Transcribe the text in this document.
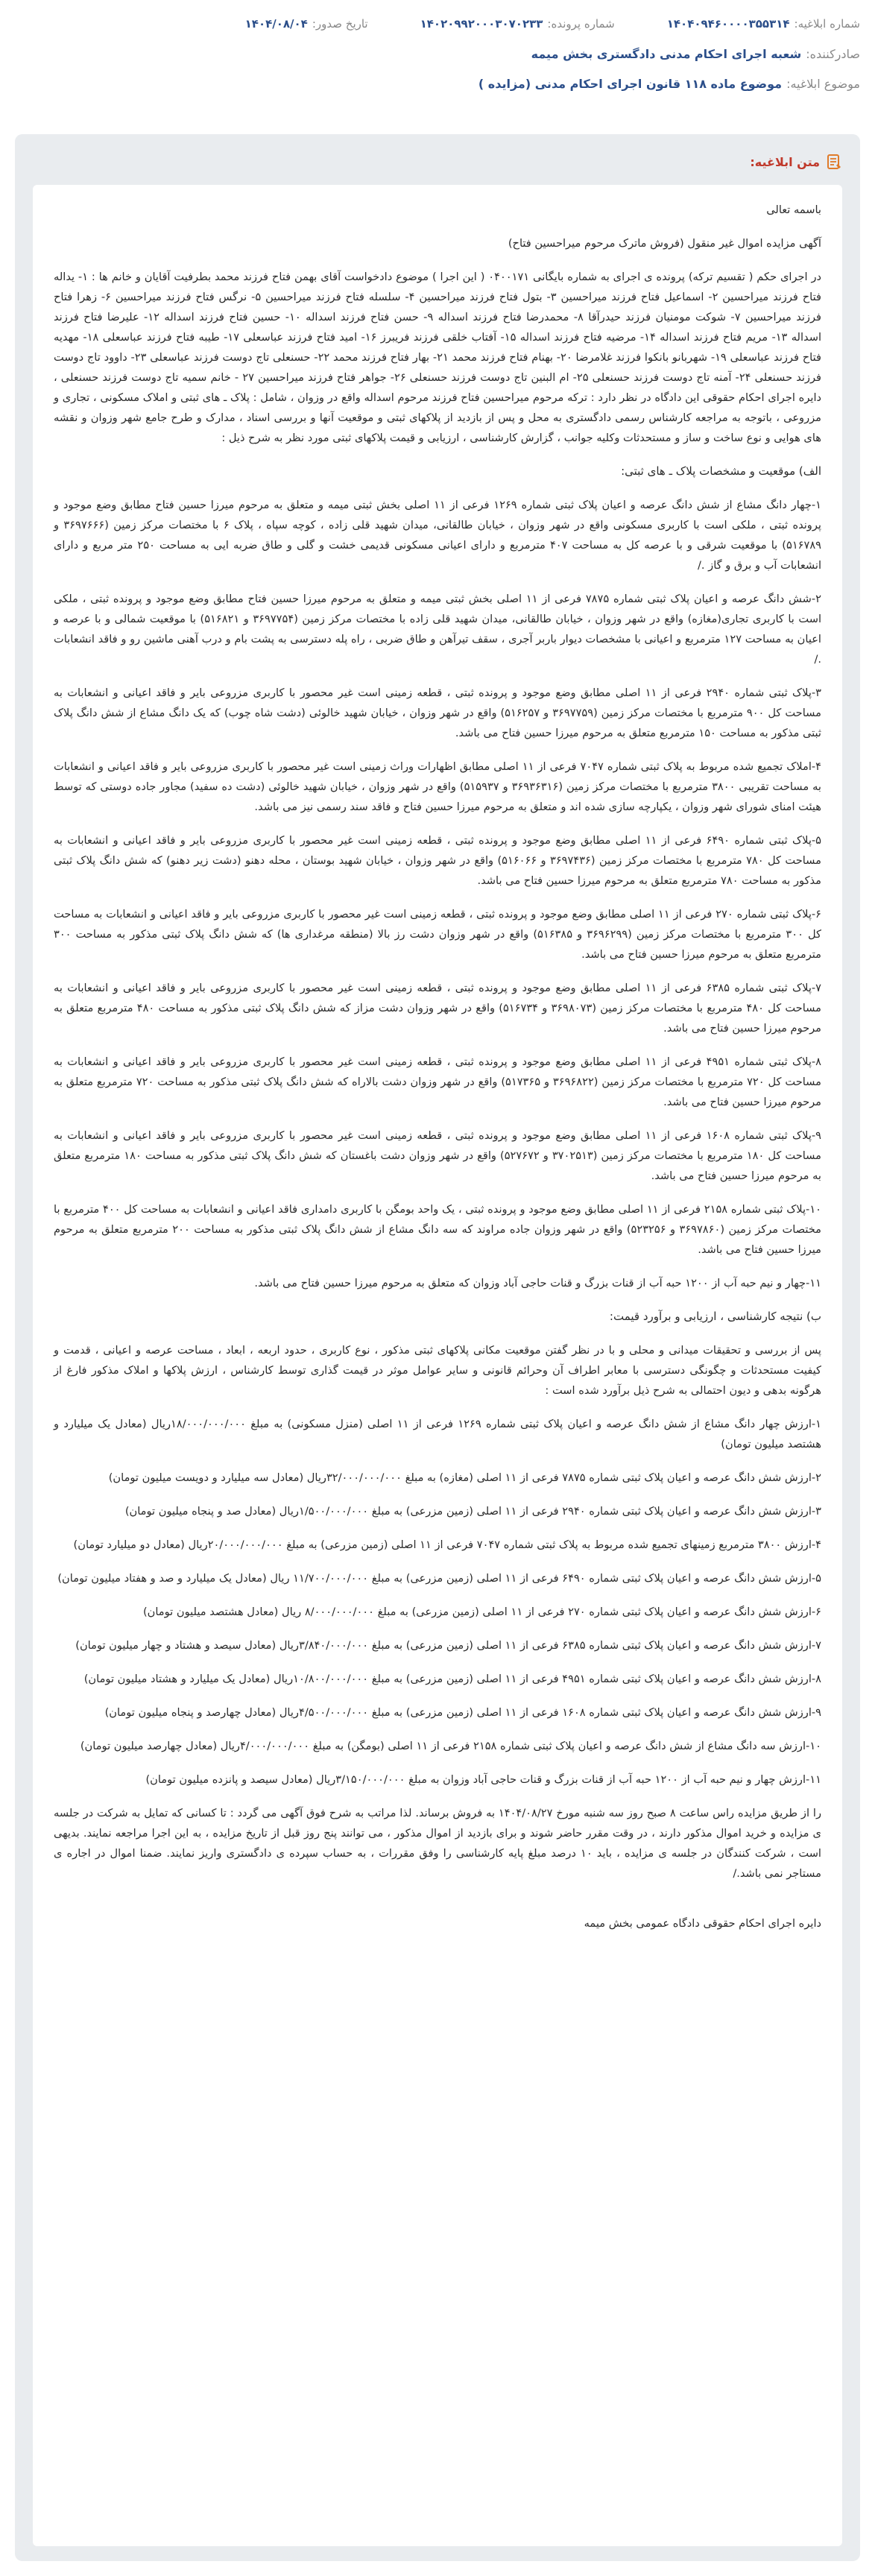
شماره ابلاغیه:
۱۴۰۴۰۹۴۶۰۰۰۰۳۵۵۳۱۴
شماره پرونده:
۱۴۰۲۰۹۹۲۰۰۰۳۰۷۰۲۳۳
تاریخ صدور:
۱۴۰۴/۰۸/۰۴
صادرکننده:
شعبه اجرای احکام مدنی دادگستری بخش میمه
موضوع ابلاغیه:
موضوع ماده ۱۱۸ قانون اجرای احکام مدنی (مزایده )
متن ابلاغیه:
باسمه تعالی
آگهی مزایده اموال غیر منقول (فروش ماترک مرحوم میراحسین فتاح)
در اجرای حکم ( تقسیم ترکه) پرونده ی اجرای به شماره بایگانی ۰۴۰۰۱۷۱ ( این اجرا ) موضوع دادخواست آقای بهمن فتاح فرزند محمد بطرفیت آقایان و خانم ها : ۱- یداله فتاح فرزند میراحسین ۲- اسماعیل فتاح فرزند میراحسین ۳- بتول فتاح فرزند میراحسین ۴- سلسله فتاح فرزند میراحسین ۵- نرگس فتاح فرزند میراحسین ۶- زهرا فتاح فرزند میراحسین ۷- شوکت مومنیان فرزند حیدرآقا ۸- محمدرضا فتاح فرزند اسداله ۹- حسن فتاح فرزند اسداله ۱۰- حسین فتاح فرزند اسداله ۱۲- علیرضا فتاح فرزند اسداله ۱۳- مریم فتاح فرزند اسداله ۱۴- مرضیه فتاح فرزند اسداله ۱۵- آفتاب خلقی فرزند فریبرز ۱۶- امید فتاح فرزند عباسعلی ۱۷- طیبه فتاح فرزند عباسعلی ۱۸- مهدیه فتاح فرزند عباسعلی ۱۹- شهربانو بانکوا فرزند غلامرضا ۲۰- بهنام فتاح فرزند محمد ۲۱- بهار فتاح فرزند محمد ۲۲- حسنعلی تاج دوست فرزند عباسعلی ۲۳- داوود تاج دوست فرزند حسنعلی ۲۴- آمنه تاج دوست فرزند حسنعلی ۲۵- ام البنین تاج دوست فرزند حسنعلی ۲۶- جواهر فتاح فرزند میراحسین ۲۷ - خانم سمیه تاج دوست فرزند حسنعلی ، دایره اجرای احکام حقوقی این دادگاه در نظر دارد : ترکه مرحوم میراحسین فتاح فرزند مرحوم اسداله واقع در وزوان ، شامل : پلاک ـ های ثبتی و املاک مسکونی ، تجاری و مزروعی ، باتوجه به مراجعه کارشناس رسمی دادگستری به محل و پس از بازدید از پلاکهای ثبتی و موقعیت آنها و بررسی اسناد ، مدارک و طرح جامع شهر وزوان و نقشه های هوایی و نوع ساخت و ساز و مستحدثات وکلیه جوانب ، گزارش کارشناسی ، ارزیابی و قیمت پلاکهای ثبتی مورد نظر به شرح ذیل :
الف) موقعیت و مشخصات پلاک ـ های ثبتی:
۱-چهار دانگ مشاع از شش دانگ عرصه و اعیان پلاک ثبتی شماره ۱۲۶۹ فرعی از ۱۱ اصلی بخش ثبتی میمه و متعلق به مرحوم میرزا حسین فتاح مطابق وضع موجود و پرونده ثبتی ، ملکی است با کاربری مسکونی واقع در شهر وزوان ، خیابان طالقانی، میدان شهید قلی زاده ، کوچه سپاه ، پلاک ۶ با مختصات مرکز زمین (۳۶۹۷۶۶۶ و ۵۱۶۷۸۹) با موقعیت شرقی و با عرصه کل به مساحت ۴۰۷ مترمربع و دارای اعیانی مسکونی قدیمی خشت و گلی و طاق ضربه ایی به مساحت ۲۵۰ متر مربع و دارای انشعابات آب و برق و گاز ./
۲-شش دانگ عرصه و اعیان پلاک ثبتی شماره ۷۸۷۵ فرعی از ۱۱ اصلی بخش ثبتی میمه و متعلق به مرحوم میرزا حسین فتاح مطابق وضع موجود و پرونده ثبتی ، ملکی است با کاربری تجاری(مغازه) واقع در شهر وزوان ، خیابان طالقانی، میدان شهید قلی زاده با مختصات مرکز زمین (۳۶۹۷۷۵۴ و ۵۱۶۸۲۱) با موقعیت شمالی و با عرصه و اعیان به مساحت ۱۲۷ مترمربع و اعیانی با مشخصات دیوار باربر آجری ، سقف تیرآهن و طاق ضربی ، راه پله دسترسی به پشت بام و درب آهنی ماشین رو و فاقد انشعابات ./
۳-پلاک ثبتی شماره ۲۹۴۰ فرعی از ۱۱ اصلی مطابق وضع موجود و پرونده ثبتی ، قطعه زمینی است غیر محصور با کاربری مزروعی بایر و فاقد اعیانی و انشعابات به مساحت کل ۹۰۰ مترمربع با مختصات مرکز زمین (۳۶۹۷۷۵۹ و ۵۱۶۲۵۷) واقع در شهر وزوان ، خیابان شهید خالوئی (دشت شاه چوب) که یک دانگ مشاع از شش دانگ پلاک ثبتی مذکور به مساحت ۱۵۰ مترمربع متعلق به مرحوم میرزا حسین فتاح می باشد.
۴-املاک تجمیع شده مربوط به پلاک ثبتی شماره ۷۰۴۷ فرعی از ۱۱ اصلی مطابق اظهارات وراث زمینی است غیر محصور با کاربری مزروعی بایر و فاقد اعیانی و انشعابات به مساحت تقریبی ۳۸۰۰ مترمربع با مختصات مرکز زمین (۳۶۹۳۶۳۱۶ و ۵۱۵۹۳۷) واقع در شهر وزوان ، خیابان شهید خالوئی (دشت ده سفید) مجاور جاده دوستی که توسط هیئت امنای شورای شهر وزوان ، یکپارچه سازی شده اند و متعلق به مرحوم میرزا حسین فتاح و فاقد سند رسمی نیز می باشد.
۵-پلاک ثبتی شماره ۶۴۹۰ فرعی از ۱۱ اصلی مطابق وضع موجود و پرونده ثبتی ، قطعه زمینی است غیر محصور با کاربری مزروعی بایر و فاقد اعیانی و انشعابات به مساحت کل ۷۸۰ مترمربع با مختصات مرکز زمین (۳۶۹۷۴۳۶ و ۵۱۶۰۶۶) واقع در شهر وزوان ، خیابان شهید بوستان ، محله دهنو (دشت زیر دهنو) که شش دانگ پلاک ثبتی مذکور به مساحت ۷۸۰ مترمربع متعلق به مرحوم میرزا حسین فتاح می باشد.
۶-پلاک ثبتی شماره ۲۷۰ فرعی از ۱۱ اصلی مطابق وضع موجود و پرونده ثبتی ، قطعه زمینی است غیر محصور با کاربری مزروعی بایر و فاقد اعیانی و انشعابات به مساحت کل ۳۰۰ مترمربع با مختصات مرکز زمین (۳۶۹۶۲۹۹ و ۵۱۶۳۸۵) واقع در شهر وزوان دشت رز بالا (منطقه مرغداری ها) که شش دانگ پلاک ثبتی مذکور به مساحت ۳۰۰ مترمربع متعلق به مرحوم میرزا حسین فتاح می باشد.
۷-پلاک ثبتی شماره ۶۳۸۵ فرعی از ۱۱ اصلی مطابق وضع موجود و پرونده ثبتی ، قطعه زمینی است غیر محصور با کاربری مزروعی بایر و فاقد اعیانی و انشعابات به مساحت کل ۴۸۰ مترمربع با مختصات مرکز زمین (۳۶۹۸۰۷۳ و ۵۱۶۷۳۴) واقع در شهر وزوان دشت مزاز که شش دانگ پلاک ثبتی مذکور به مساحت ۴۸۰ مترمربع متعلق به مرحوم میرزا حسین فتاح می باشد.
۸-پلاک ثبتی شماره ۴۹۵۱ فرعی از ۱۱ اصلی مطابق وضع موجود و پرونده ثبتی ، قطعه زمینی است غیر محصور با کاربری مزروعی بایر و فاقد اعیانی و انشعابات به مساحت کل ۷۲۰ مترمربع با مختصات مرکز زمین (۳۶۹۶۸۲۲ و ۵۱۷۳۶۵) واقع در شهر وزوان دشت بالاراه که شش دانگ پلاک ثبتی مذکور به مساحت ۷۲۰ مترمربع متعلق به مرحوم میرزا حسین فتاح می باشد.
۹-پلاک ثبتی شماره ۱۶۰۸ فرعی از ۱۱ اصلی مطابق وضع موجود و پرونده ثبتی ، قطعه زمینی است غیر محصور با کاربری مزروعی بایر و فاقد اعیانی و انشعابات به مساحت کل ۱۸۰ مترمربع با مختصات مرکز زمین (۳۷۰۲۵۱۳ و ۵۲۷۶۷۲) واقع در شهر وزوان دشت باغستان که شش دانگ پلاک ثبتی مذکور به مساحت ۱۸۰ مترمربع متعلق به مرحوم میرزا حسین فتاح می باشد.
۱۰-پلاک ثبتی شماره ۲۱۵۸ فرعی از ۱۱ اصلی مطابق وضع موجود و پرونده ثبتی ، یک واحد بومگن با کاربری دامداری فاقد اعیانی و انشعابات به مساحت کل ۴۰۰ مترمربع با مختصات مرکز زمین (۳۶۹۷۸۶۰ و ۵۲۳۲۵۶) واقع در شهر وزوان جاده مراوند که سه دانگ مشاع از شش دانگ پلاک ثبتی مذکور به مساحت ۲۰۰ مترمربع متعلق به مرحوم میرزا حسین فتاح می باشد.
۱۱-چهار و نیم حبه آب از ۱۲۰۰ حبه آب از قنات بزرگ و قنات حاجی آباد وزوان که متعلق به مرحوم میرزا حسین فتاح می باشد.
ب) نتیجه کارشناسی ، ارزیابی و برآورد قیمت:
پس از بررسی و تحقیقات میدانی و محلی و با در نظر گفتن موقعیت مکانی پلاکهای ثبتی مذکور ، نوع کاربری ، حدود اربعه ، ابعاد ، مساحت عرصه و اعیانی ، قدمت و کیفیت مستحدثات و چگونگی دسترسی با معابر اطراف آن وحرائم قانونی و سایر عوامل موثر در قیمت گذاری توسط کارشناس ، ارزش پلاکها و املاک مذکور فارغ از هرگونه بدهی و دیون احتمالی به شرح ذیل برآورد شده است :
۱-ارزش چهار دانگ مشاع از شش دانگ عرصه و اعیان پلاک ثبتی شماره ۱۲۶۹ فرعی از ۱۱ اصلی (منزل مسکونی) به مبلغ ۱۸/۰۰۰/۰۰۰/۰۰۰ریال (معادل یک میلیارد و هشتصد میلیون تومان)
۲-ارزش شش دانگ عرصه و اعیان پلاک ثبتی شماره ۷۸۷۵ فرعی از ۱۱ اصلی (مغازه) به مبلغ ۳۲/۰۰۰/۰۰۰/۰۰۰ریال (معادل سه میلیارد و دویست میلیون تومان)
۳-ارزش شش دانگ عرصه و اعیان پلاک ثبتی شماره ۲۹۴۰ فرعی از ۱۱ اصلی (زمین مزرعی) به مبلغ ۱/۵۰۰/۰۰۰/۰۰۰ریال (معادل صد و پنجاه میلیون تومان)
۴-ارزش ۳۸۰۰ مترمربع زمینهای تجمیع شده مربوط به پلاک ثبتی شماره ۷۰۴۷ فرعی از ۱۱ اصلی (زمین مزرعی) به مبلغ ۲۰/۰۰۰/۰۰۰/۰۰۰ریال (معادل دو میلیارد تومان)
۵-ارزش شش دانگ عرصه و اعیان پلاک ثبتی شماره ۶۴۹۰ فرعی از ۱۱ اصلی (زمین مزرعی) به مبلغ ۱۱/۷۰۰/۰۰۰/۰۰۰ ریال (معادل یک میلیارد و صد و هفتاد میلیون تومان)
۶-ارزش شش دانگ عرصه و اعیان پلاک ثبتی شماره ۲۷۰ فرعی از ۱۱ اصلی (زمین مزرعی) به مبلغ ۸/۰۰۰/۰۰۰/۰۰۰ ریال (معادل هشتصد میلیون تومان)
۷-ارزش شش دانگ عرصه و اعیان پلاک ثبتی شماره ۶۳۸۵ فرعی از ۱۱ اصلی (زمین مزرعی) به مبلغ ۳/۸۴۰/۰۰۰/۰۰۰ریال (معادل سیصد و هشتاد و چهار میلیون تومان)
۸-ارزش شش دانگ عرصه و اعیان پلاک ثبتی شماره ۴۹۵۱ فرعی از ۱۱ اصلی (زمین مزرعی) به مبلغ ۱۰/۸۰۰/۰۰۰/۰۰۰ریال (معادل یک میلیارد و هشتاد میلیون تومان)
۹-ارزش شش دانگ عرصه و اعیان پلاک ثبتی شماره ۱۶۰۸ فرعی از ۱۱ اصلی (زمین مزرعی) به مبلغ ۴/۵۰۰/۰۰۰/۰۰۰ریال (معادل چهارصد و پنجاه میلیون تومان)
۱۰-ارزش سه دانگ مشاع از شش دانگ عرصه و اعیان پلاک ثبتی شماره ۲۱۵۸ فرعی از ۱۱ اصلی (بومگن) به مبلغ ۴/۰۰۰/۰۰۰/۰۰۰ریال (معادل چهارصد میلیون تومان)
۱۱-ارزش چهار و نیم حبه آب از ۱۲۰۰ حبه آب از قنات بزرگ و قنات حاجی آباد وزوان به مبلغ ۳/۱۵۰/۰۰۰/۰۰۰ریال (معادل سیصد و پانزده میلیون تومان)
را از طریق مزایده راس ساعت ۸ صبح روز سه شنبه مورخ ۱۴۰۴/۰۸/۲۷ به فروش برساند. لذا مراتب به شرح فوق آگهی می گردد : تا کسانی که تمایل به شرکت در جلسه ی مزایده و خرید اموال مذکور دارند ، در وقت مقرر حاضر شوند و برای بازدید از اموال مذکور ، می توانند پنج روز قبل از تاریخ مزایده ، به این اجرا مراجعه نمایند. بدیهی است ، شرکت کنندگان در جلسه ی مزایده ، باید ۱۰ درصد مبلغ پایه کارشناسی را وفق مقررات ، به حساب سپرده ی دادگستری واریز نمایند. ضمنا اموال در اجاره ی مستاجر نمی باشد./
دایره اجرای احکام حقوقی دادگاه عمومی بخش میمه
